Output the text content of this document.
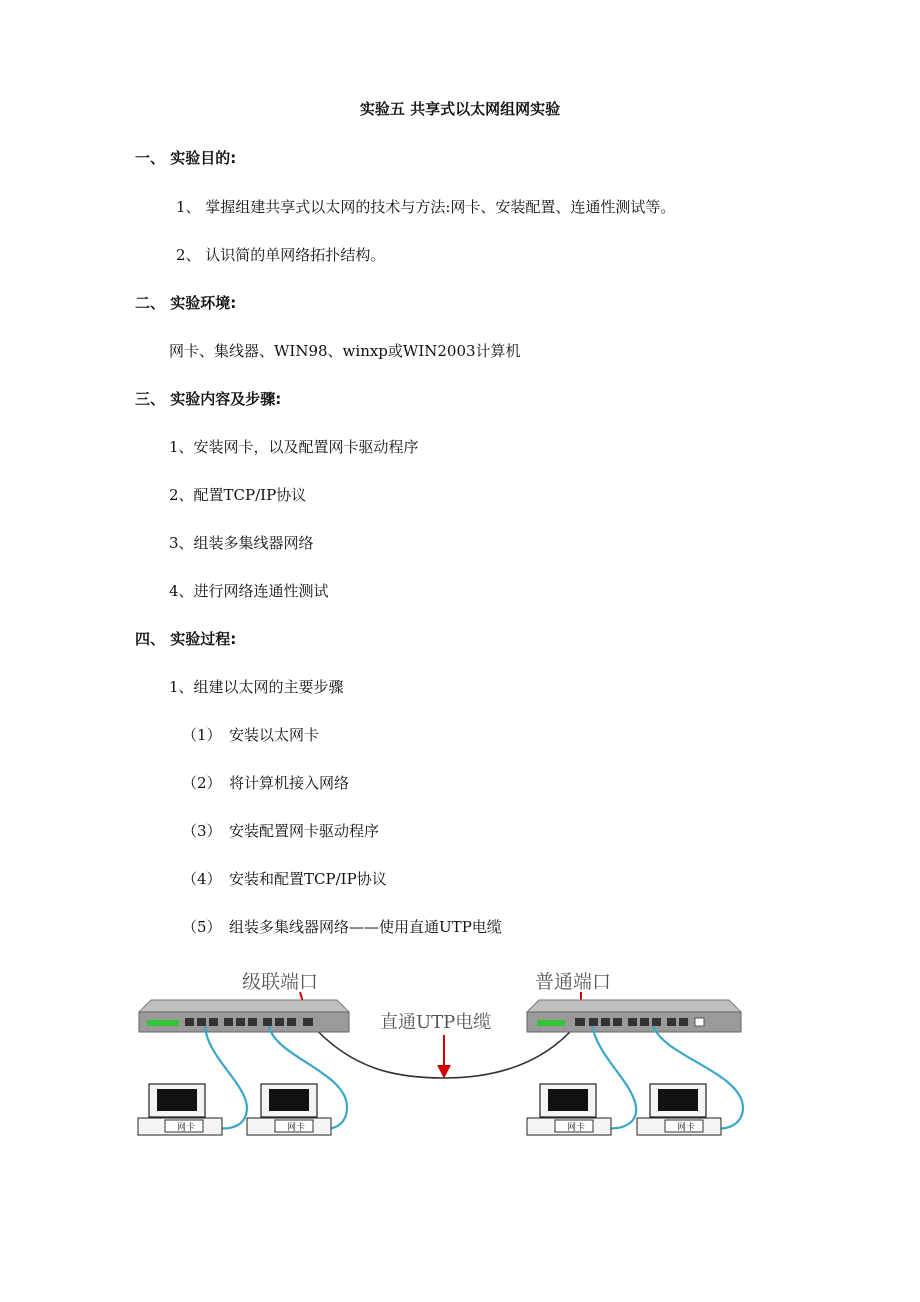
实验五 共享式以太网组网实验
一、 实验目的:
1、 掌握组建共享式以太网的技术与方法:网卡、安装配置、连通性测试等。
2、 认识简的单网络拓扑结构。
二、 实验环境:
网卡、集线器、WIN98、winxp或WIN2003计算机
三、 实验内容及步骤:
1、安装网卡，以及配置网卡驱动程序
2、配置TCP/IP协议
3、组装多集线器网络
4、进行网络连通性测试
四、 实验过程:
1、组建以太网的主要步骤
（1）　安装以太网卡
（2）　将计算机接入网络
（3）　安装配置网卡驱动程序
（4）　安装和配置TCP/IP协议
（5）　组装多集线器网络——使用直通UTP电缆
级联端口	普通端口
直通UTP电缆
网卡	网卡	网卡	网卡
